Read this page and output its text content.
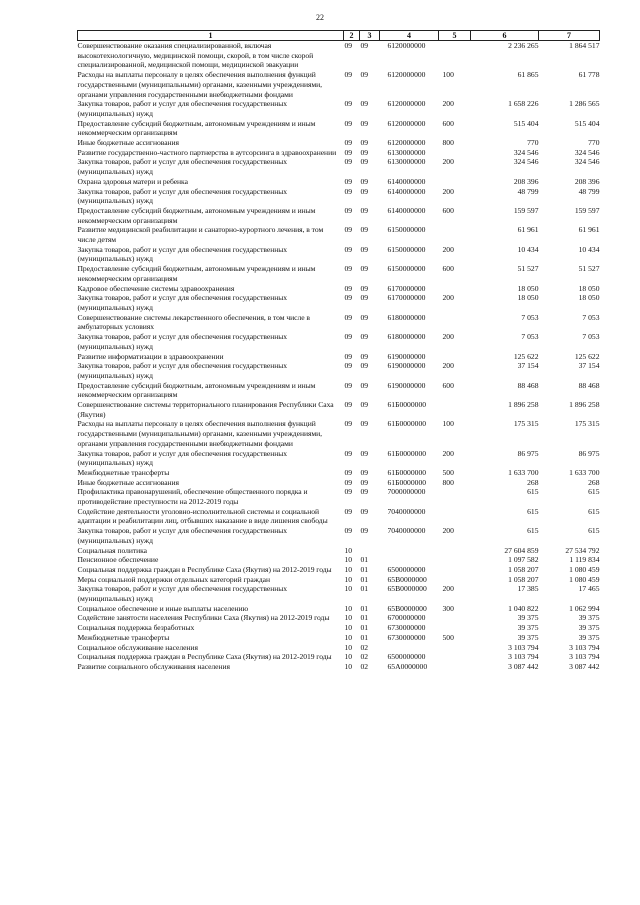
22
1	2	3	4	5	6	7
Совершенствование оказания специализированной, включая высокотехнологичную, медицинской помощи, скорой, в том числе скорой специализированной, медицинской помощи, медицинской эвакуации	09	09	6120000000		2 236 265	1 864 517
Расходы на выплаты персоналу в целях обеспечения выполнения функций государственными (муниципальными) органами, казенными учреждениями, органами управления государственными внебюджетными фондами	09	09	6120000000	100	61 865	61 778
Закупка товаров, работ и услуг для обеспечения государственных (муниципальных) нужд	09	09	6120000000	200	1 658 226	1 286 565
Предоставление субсидий бюджетным, автономным учреждениям и иным некоммерческим организациям	09	09	6120000000	600	515 404	515 404
Иные бюджетные ассигнования	09	09	6120000000	800	770	770
Развитие государственно-частного партнерства в аутсорсинга в здравоохранении	09	09	6130000000		324 546	324 546
Закупка товаров, работ и услуг для обеспечения государственных (муниципальных) нужд	09	09	6130000000	200	324 546	324 546
Охрана здоровья матери и ребенка	09	09	6140000000		208 396	208 396
Закупка товаров, работ и услуг для обеспечения государственных (муниципальных) нужд	09	09	6140000000	200	48 799	48 799
Предоставление субсидий бюджетным, автономным учреждениям и иным некоммерческим организациям	09	09	6140000000	600	159 597	159 597
Развитие медицинской реабилитации и санаторно-курортного лечения, в том числе детям	09	09	6150000000		61 961	61 961
Закупка товаров, работ и услуг для обеспечения государственных (муниципальных) нужд	09	09	6150000000	200	10 434	10 434
Предоставление субсидий бюджетным, автономным учреждениям и иным некоммерческим организациям	09	09	6150000000	600	51 527	51 527
Кадровое обеспечение системы здравоохранения	09	09	6170000000		18 050	18 050
Закупка товаров, работ и услуг для обеспечения государственных (муниципальных) нужд	09	09	6170000000	200	18 050	18 050
Совершенствование системы лекарственного обеспечения, в том числе в амбулаторных условиях	09	09	6180000000		7 053	7 053
Закупка товаров, работ и услуг для обеспечения государственных (муниципальных) нужд	09	09	6180000000	200	7 053	7 053
Развитие информатизации в здравоохранении	09	09	6190000000		125 622	125 622
Закупка товаров, работ и услуг для обеспечения государственных (муниципальных) нужд	09	09	6190000000	200	37 154	37 154
Предоставление субсидий бюджетным, автономным учреждениям и иным некоммерческим организациям	09	09	6190000000	600	88 468	88 468
Совершенствование системы территориального планирования Республики Саха (Якутия)	09	09	61Б0000000		1 896 258	1 896 258
Расходы на выплаты персоналу в целях обеспечения выполнения функций государственными (муниципальными) органами, казенными учреждениями, органами управления государственными внебюджетными фондами	09	09	61Б0000000	100	175 315	175 315
Закупка товаров, работ и услуг для обеспечения государственных (муниципальных) нужд	09	09	61Б0000000	200	86 975	86 975
Межбюджетные трансферты	09	09	61Б0000000	500	1 633 700	1 633 700
Иные бюджетные ассигнования	09	09	61Б0000000	800	268	268
Профилактика правонарушений, обеспечение общественного порядка и противодействие преступности на 2012-2019 годы	09	09	7000000000		615	615
Содействие деятельности уголовно-исполнительной системы и социальной адаптации и реабилитации лиц, отбывших наказание в виде лишения свободы	09	09	7040000000		615	615
Закупка товаров, работ и услуг для обеспечения государственных (муниципальных) нужд	09	09	7040000000	200	615	615
Социальная политика	10				27 604 859	27 534 792
Пенсионное обеспечение	10	01			1 097 582	1 119 834
Социальная поддержка граждан в Республике Саха (Якутия) на 2012-2019 годы	10	01	6500000000		1 058 207	1 080 459
Меры социальной поддержки отдельных категорий граждан	10	01	65В0000000		1 058 207	1 080 459
Закупка товаров, работ и услуг для обеспечения государственных (муниципальных) нужд	10	01	65В0000000	200	17 385	17 465
Социальное обеспечение и иные выплаты населению	10	01	65В0000000	300	1 040 822	1 062 994
Содействие занятости населения Республики Саха (Якутия) на 2012-2019 годы	10	01	6700000000		39 375	39 375
Социальная поддержка безработных	10	01	6730000000		39 375	39 375
Межбюджетные трансферты	10	01	6730000000	500	39 375	39 375
Социальное обслуживание населения	10	02			3 103 794	3 103 794
Социальная поддержка граждан в Республике Саха (Якутия) на 2012-2019 годы	10	02	6500000000		3 103 794	3 103 794
Развитие социального обслуживания населения	10	02	65А0000000		3 087 442	3 087 442
